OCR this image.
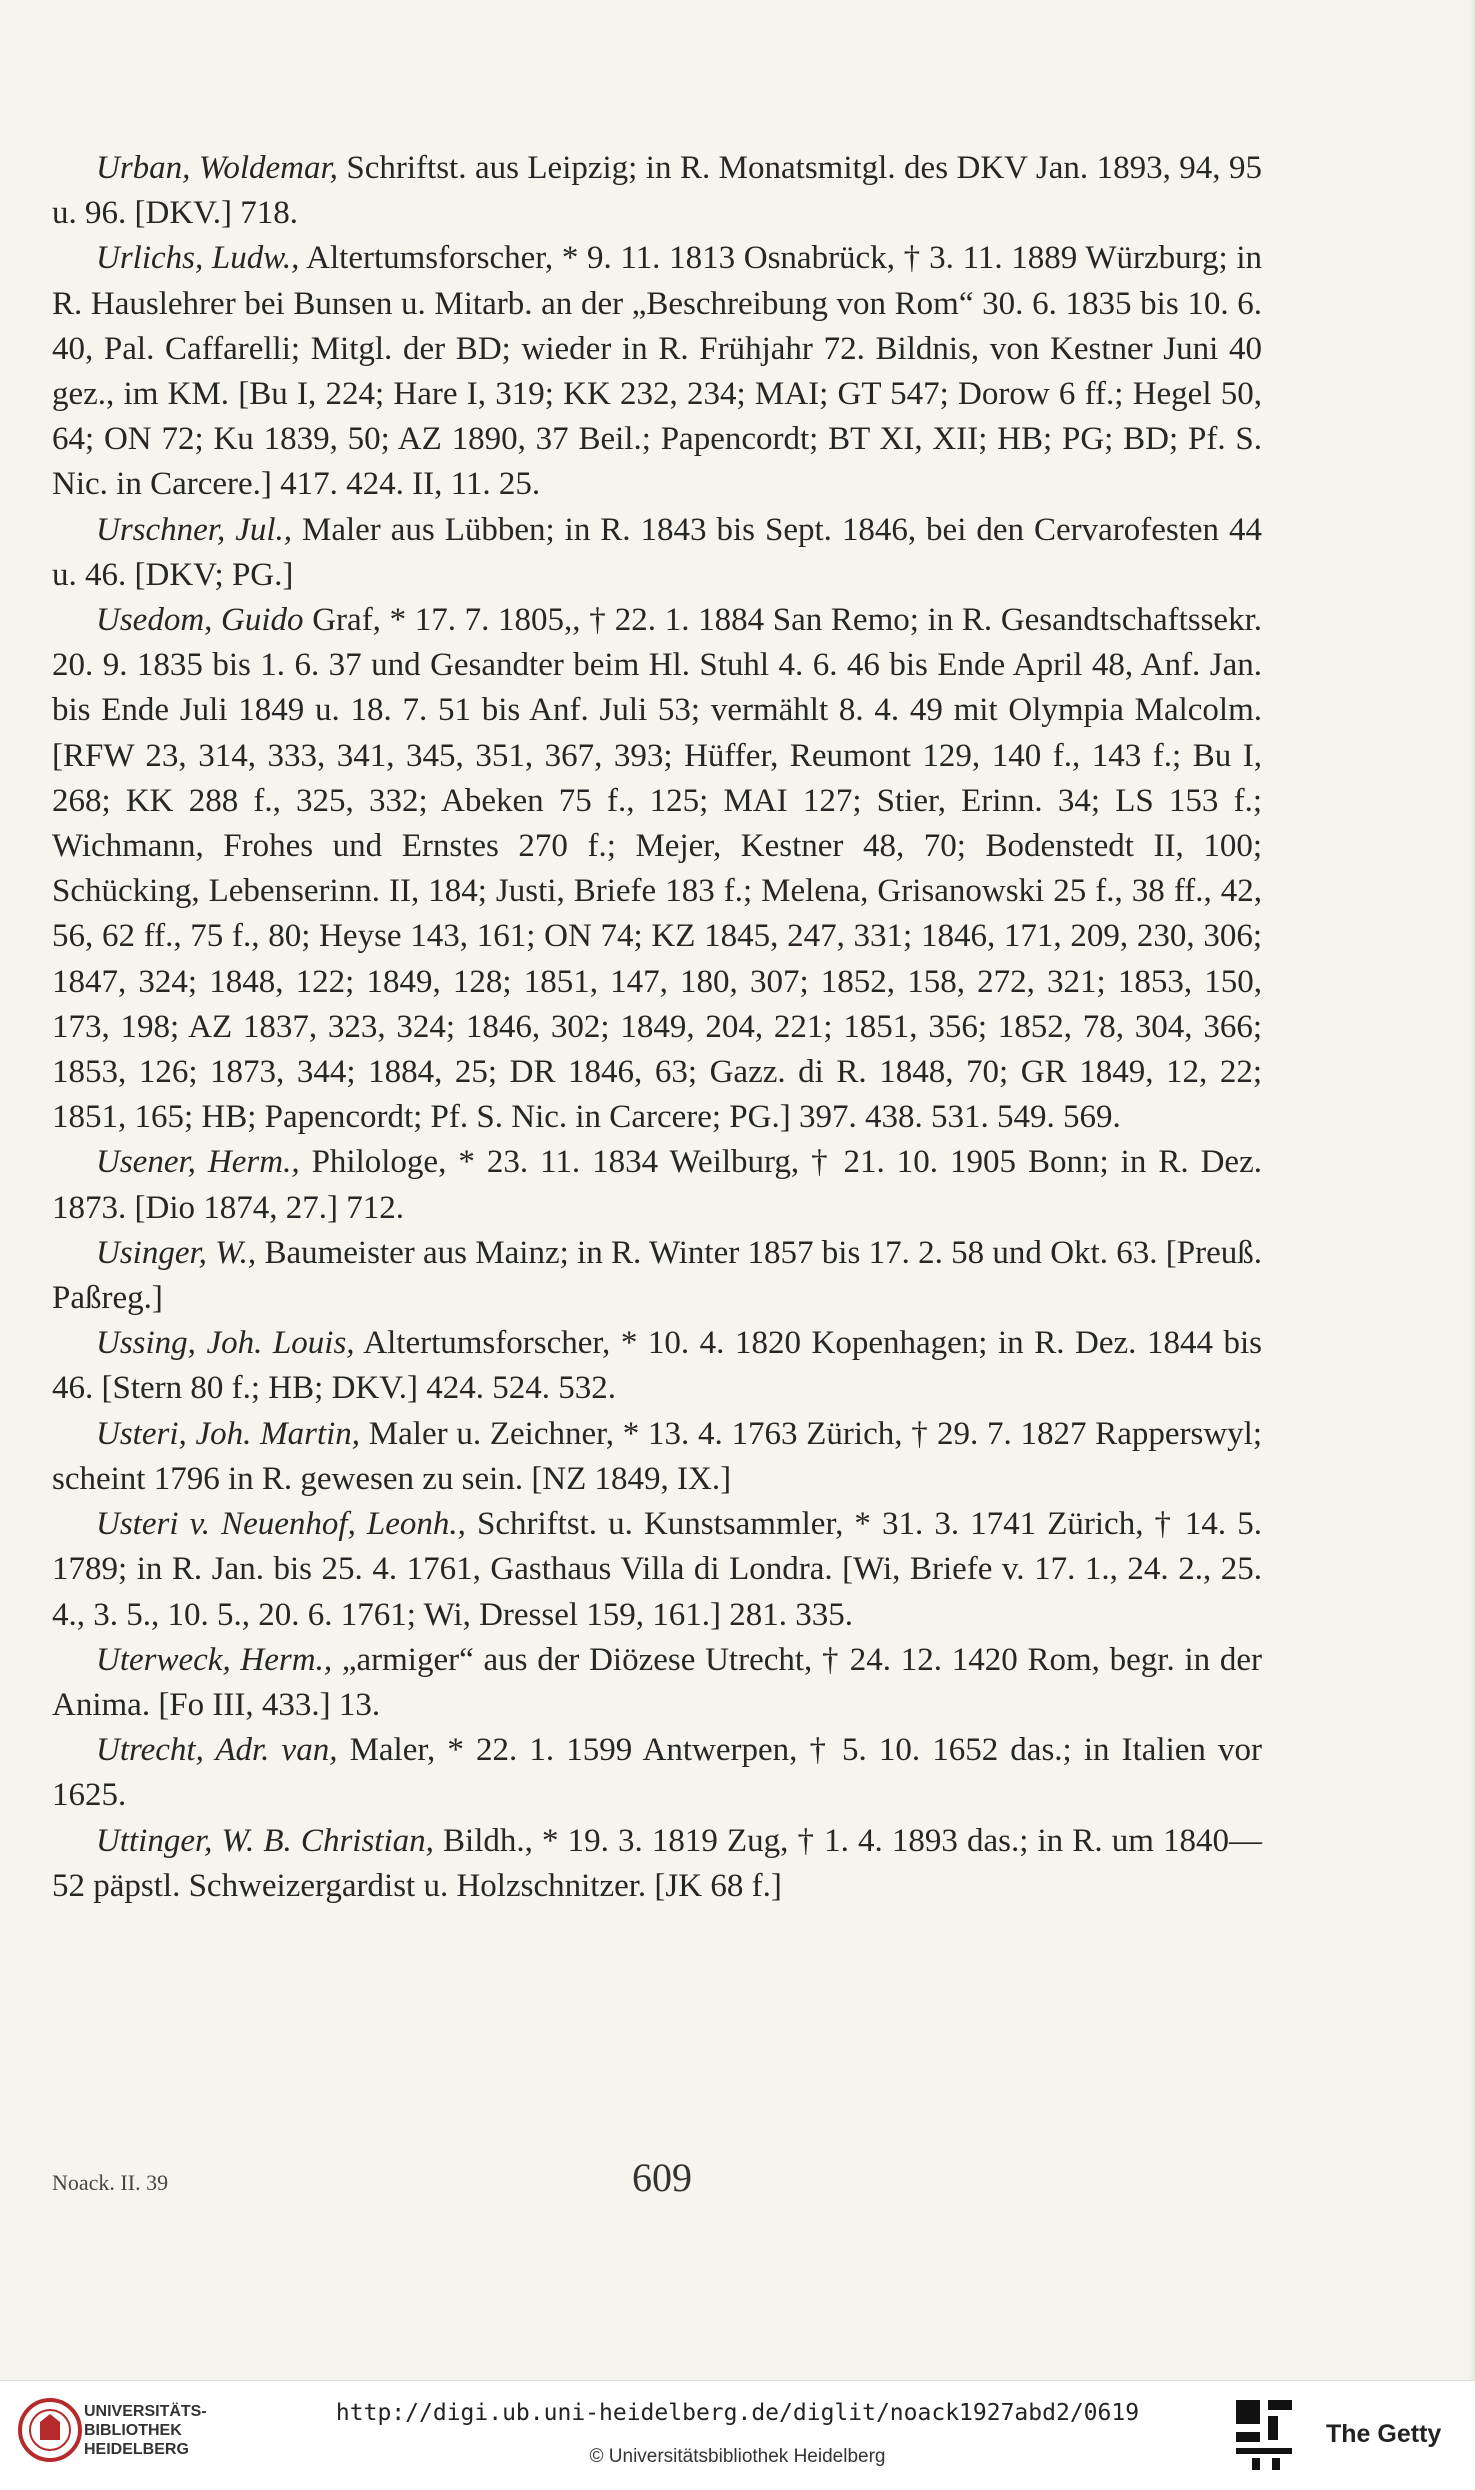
Urban, Woldemar, Schriftst. aus Leipzig; in R. Monatsmitgl. des DKV Jan. 1893, 94, 95 u. 96. [DKV.] 718.

Urlichs, Ludw., Altertumsforscher, * 9. 11. 1813 Osnabrück, † 3. 11. 1889 Würzburg; in R. Hauslehrer bei Bunsen u. Mitarb. an der „Beschreibung von Rom“ 30. 6. 1835 bis 10. 6. 40, Pal. Caffarelli; Mitgl. der BD; wieder in R. Frühjahr 72. Bildnis, von Kestner Juni 40 gez., im KM. [Bu I, 224; Hare I, 319; KK 232, 234; MAI; GT 547; Dorow 6 ff.; Hegel 50, 64; ON 72; Ku 1839, 50; AZ 1890, 37 Beil.; Papencordt; BT XI, XII; HB; PG; BD; Pf. S. Nic. in Carcere.] 417. 424. II, 11. 25.

Urschner, Jul., Maler aus Lübben; in R. 1843 bis Sept. 1846, bei den Cervarofesten 44 u. 46. [DKV; PG.]

Usedom, Guido Graf, * 17. 7. 1805,, † 22. 1. 1884 San Remo; in R. Gesandtschaftssekr. 20. 9. 1835 bis 1. 6. 37 und Gesandter beim Hl. Stuhl 4. 6. 46 bis Ende April 48, Anf. Jan. bis Ende Juli 1849 u. 18. 7. 51 bis Anf. Juli 53; vermählt 8. 4. 49 mit Olympia Malcolm. [RFW 23, 314, 333, 341, 345, 351, 367, 393; Hüffer, Reumont 129, 140 f., 143 f.; Bu I, 268; KK 288 f., 325, 332; Abeken 75 f., 125; MAI 127; Stier, Erinn. 34; LS 153 f.; Wichmann, Frohes und Ernstes 270 f.; Mejer, Kestner 48, 70; Bodenstedt II, 100; Schücking, Lebenserinn. II, 184; Justi, Briefe 183 f.; Melena, Grisanowski 25 f., 38 ff., 42, 56, 62 ff., 75 f., 80; Heyse 143, 161; ON 74; KZ 1845, 247, 331; 1846, 171, 209, 230, 306; 1847, 324; 1848, 122; 1849, 128; 1851, 147, 180, 307; 1852, 158, 272, 321; 1853, 150, 173, 198; AZ 1837, 323, 324; 1846, 302; 1849, 204, 221; 1851, 356; 1852, 78, 304, 366; 1853, 126; 1873, 344; 1884, 25; DR 1846, 63; Gazz. di R. 1848, 70; GR 1849, 12, 22; 1851, 165; HB; Papencordt; Pf. S. Nic. in Carcere; PG.] 397. 438. 531. 549. 569.

Usener, Herm., Philologe, * 23. 11. 1834 Weilburg, † 21. 10. 1905 Bonn; in R. Dez. 1873. [Dio 1874, 27.] 712.

Usinger, W., Baumeister aus Mainz; in R. Winter 1857 bis 17. 2. 58 und Okt. 63. [Preuß. Paßreg.]

Ussing, Joh. Louis, Altertumsforscher, * 10. 4. 1820 Kopenhagen; in R. Dez. 1844 bis 46. [Stern 80 f.; HB; DKV.] 424. 524. 532.

Usteri, Joh. Martin, Maler u. Zeichner, * 13. 4. 1763 Zürich, † 29. 7. 1827 Rapperswyl; scheint 1796 in R. gewesen zu sein. [NZ 1849, IX.]

Usteri v. Neuenhof, Leonh., Schriftst. u. Kunstsammler, * 31. 3. 1741 Zürich, † 14. 5. 1789; in R. Jan. bis 25. 4. 1761, Gasthaus Villa di Londra. [Wi, Briefe v. 17. 1., 24. 2., 25. 4., 3. 5., 10. 5., 20. 6. 1761; Wi, Dressel 159, 161.] 281. 335.

Uterweck, Herm., „armiger“ aus der Diözese Utrecht, † 24. 12. 1420 Rom, begr. in der Anima. [Fo III, 433.] 13.

Utrecht, Adr. van, Maler, * 22. 1. 1599 Antwerpen, † 5. 10. 1652 das.; in Italien vor 1625.

Uttinger, W. B. Christian, Bildh., * 19. 3. 1819 Zug, † 1. 4. 1893 das.; in R. um 1840—52 päpstl. Schweizergardist u. Holzschnitzer. [JK 68 f.]

Noack. II. 39	609
UNIVERSITÄTS-
BIBLIOTHEK
HEIDELBERG
http://digi.ub.uni-heidelberg.de/diglit/noack1927abd2/0619
© Universitätsbibliothek Heidelberg
The Getty
